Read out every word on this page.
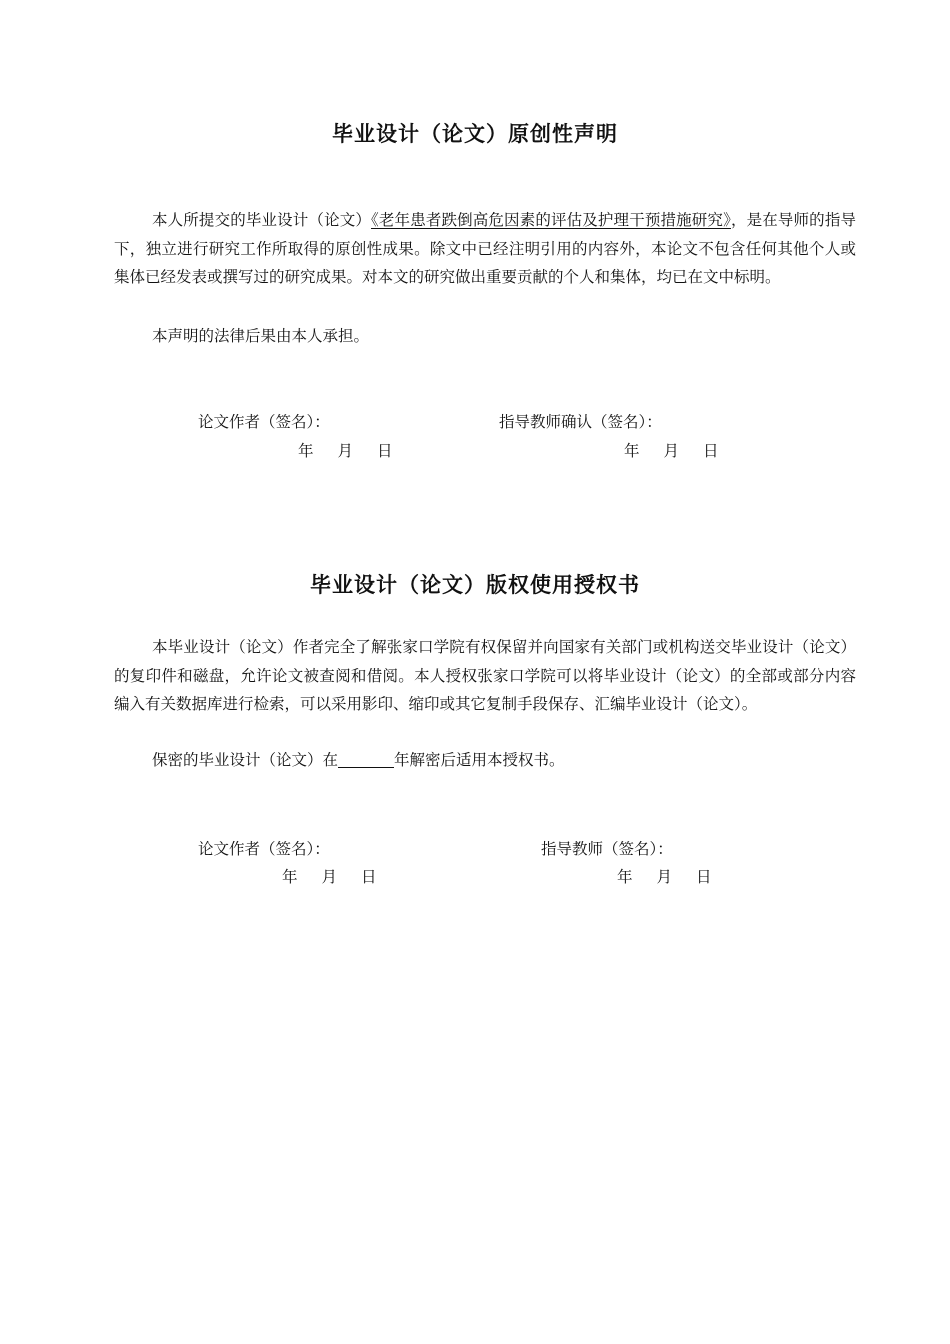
毕业设计（论文）原创性声明

本人所提交的毕业设计（论文）《老年患者跌倒高危因素的评估及护理干预措施研究》，是在导师的指导下，独立进行研究工作所取得的原创性成果。除文中已经注明引用的内容外，本论文不包含任何其他个人或集体已经发表或撰写过的研究成果。对本文的研究做出重要贡献的个人和集体，均已在文中标明。

本声明的法律后果由本人承担。

论文作者（签名）：	指导教师确认（签名）：
年 月 日	年 月 日
毕业设计（论文）版权使用授权书

本毕业设计（论文）作者完全了解张家口学院有权保留并向国家有关部门或机构送交毕业设计（论文）的复印件和磁盘，允许论文被查阅和借阅。本人授权张家口学院可以将毕业设计（论文）的全部或部分内容编入有关数据库进行检索，可以采用影印、缩印或其它复制手段保存、汇编毕业设计（论文）。

保密的毕业设计（论文）在	年解密后适用本授权书。

论文作者（签名）：	指导教师（签名）：
年 月 日	年 月 日
